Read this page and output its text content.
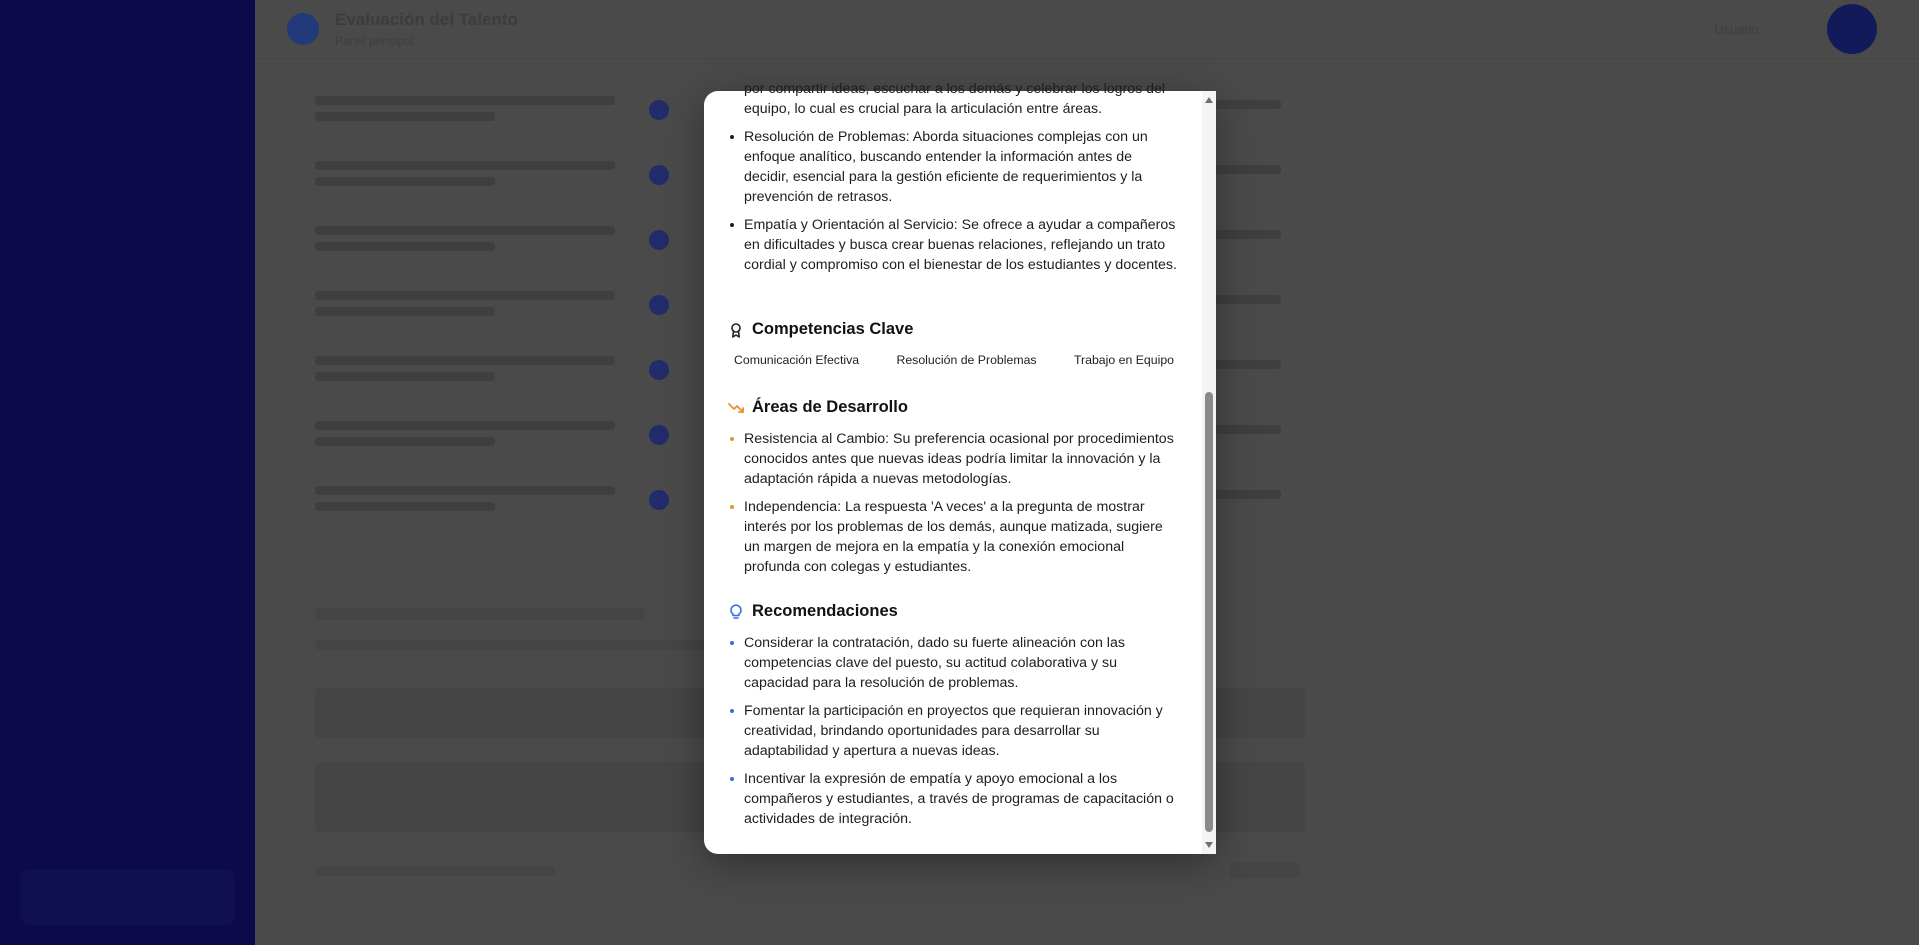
Evaluación del Talento
Panel principal
Usuario
por compartir ideas, escuchar a los demás y celebrar los logros del equipo, lo cual es crucial para la articulación entre áreas.
Resolución de Problemas: Aborda situaciones complejas con un enfoque analítico, buscando entender la información antes de decidir, esencial para la gestión eficiente de requerimientos y la prevención de retrasos.
Empatía y Orientación al Servicio: Se ofrece a ayudar a compañeros en dificultades y busca crear buenas relaciones, reflejando un trato cordial y compromiso con el bienestar de los estudiantes y docentes.
Competencias Clave
Comunicación Efectiva	Resolución de Problemas	Trabajo en Equipo
Áreas de Desarrollo
Resistencia al Cambio: Su preferencia ocasional por procedimientos conocidos antes que nuevas ideas podría limitar la innovación y la adaptación rápida a nuevas metodologías.
Independencia: La respuesta 'A veces' a la pregunta de mostrar interés por los problemas de los demás, aunque matizada, sugiere un margen de mejora en la empatía y la conexión emocional profunda con colegas y estudiantes.
Recomendaciones
Considerar la contratación, dado su fuerte alineación con las competencias clave del puesto, su actitud colaborativa y su capacidad para la resolución de problemas.
Fomentar la participación en proyectos que requieran innovación y creatividad, brindando oportunidades para desarrollar su adaptabilidad y apertura a nuevas ideas.
Incentivar la expresión de empatía y apoyo emocional a los compañeros y estudiantes, a través de programas de capacitación o actividades de integración.
